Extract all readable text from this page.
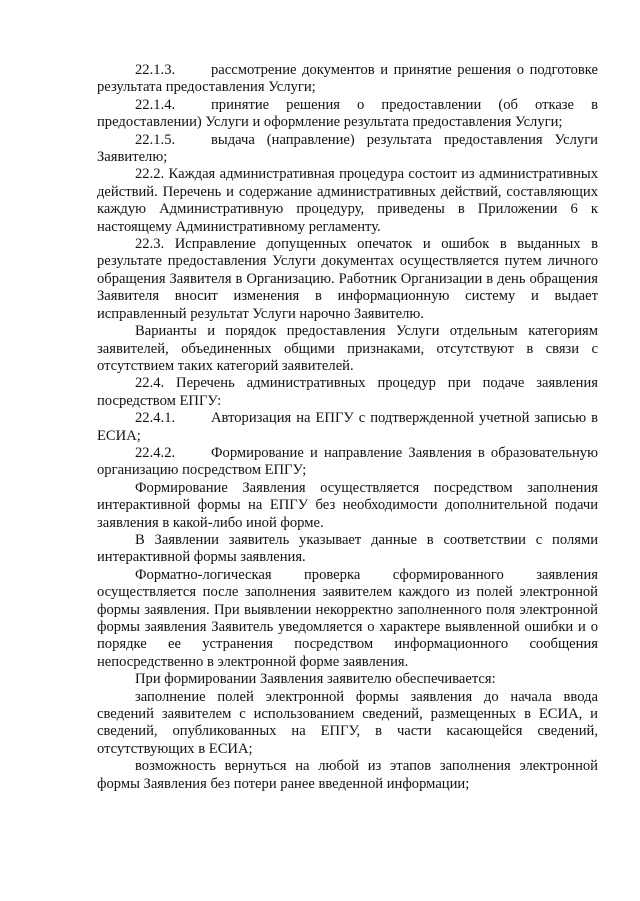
22.1.3. рассмотрение документов и принятие решения о подготовке результата предоставления Услуги;

22.1.4. принятие решения о предоставлении (об отказе в предоставлении) Услуги и оформление результата предоставления Услуги;

22.1.5. выдача (направление) результата предоставления Услуги Заявителю;

22.2. Каждая административная процедура состоит из административных действий. Перечень и содержание административных действий, составляющих каждую Административную процедуру, приведены в Приложении 6 к настоящему Административному регламенту.

22.3. Исправление допущенных опечаток и ошибок в выданных в результате предоставления Услуги документах осуществляется путем личного обращения Заявителя в Организацию. Работник Организации в день обращения Заявителя вносит изменения в информационную систему и выдает исправленный результат Услуги нарочно Заявителю.

Варианты и порядок предоставления Услуги отдельным категориям заявителей, объединенных общими признаками, отсутствуют в связи с отсутствием таких категорий заявителей.

22.4. Перечень административных процедур при подаче заявления посредством ЕПГУ:

22.4.1. Авторизация на ЕПГУ с подтвержденной учетной записью в ЕСИА;

22.4.2. Формирование и направление Заявления в образовательную организацию посредством ЕПГУ;

Формирование Заявления осуществляется посредством заполнения интерактивной формы на ЕПГУ без необходимости дополнительной подачи заявления в какой-либо иной форме.

В Заявлении заявитель указывает данные в соответствии с полями интерактивной формы заявления.

Форматно-логическая проверка сформированного заявления осуществляется после заполнения заявителем каждого из полей электронной формы заявления. При выявлении некорректно заполненного поля электронной формы заявления Заявитель уведомляется о характере выявленной ошибки и о порядке ее устранения посредством информационного сообщения непосредственно в электронной форме заявления.

При формировании Заявления заявителю обеспечивается:

заполнение полей электронной формы заявления до начала ввода сведений заявителем с использованием сведений, размещенных в ЕСИА, и сведений, опубликованных на ЕПГУ, в части касающейся сведений, отсутствующих в ЕСИА;

возможность вернуться на любой из этапов заполнения электронной формы Заявления без потери ранее введенной информации;
